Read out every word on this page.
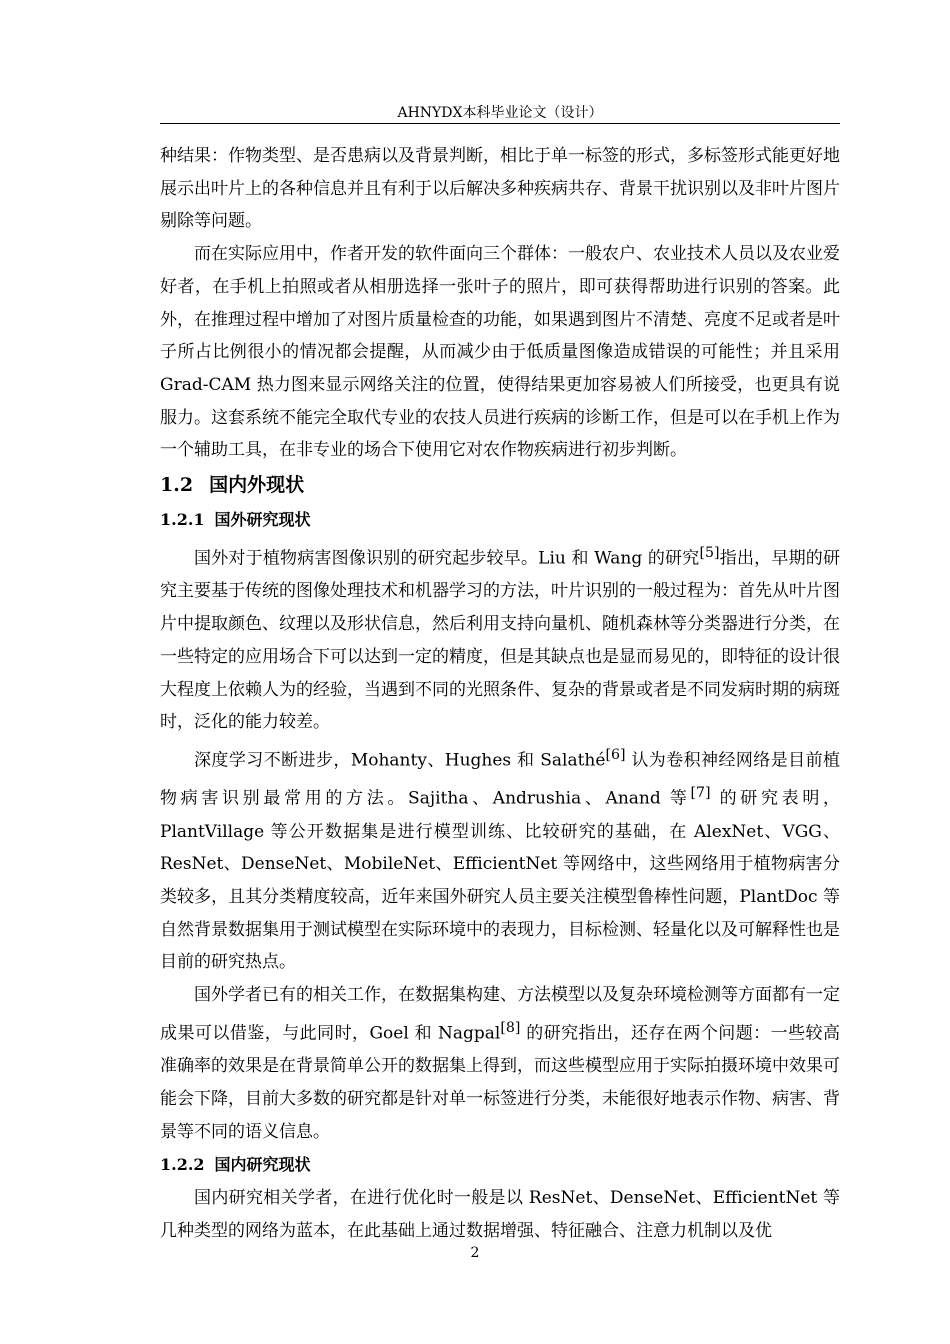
AHNYDX本科毕业论文（设计）

种结果：作物类型、是否患病以及背景判断，相比于单一标签的形式，多标签形式能更好地展示出叶片上的各种信息并且有利于以后解决多种疾病共存、背景干扰识别以及非叶片图片剔除等问题。

而在实际应用中，作者开发的软件面向三个群体：一般农户、农业技术人员以及农业爱好者，在手机上拍照或者从相册选择一张叶子的照片，即可获得帮助进行识别的答案。此外，在推理过程中增加了对图片质量检查的功能，如果遇到图片不清楚、亮度不足或者是叶子所占比例很小的情况都会提醒，从而减少由于低质量图像造成错误的可能性；并且采用 Grad-CAM 热力图来显示网络关注的位置，使得结果更加容易被人们所接受，也更具有说服力。这套系统不能完全取代专业的农技人员进行疾病的诊断工作，但是可以在手机上作为一个辅助工具，在非专业的场合下使用它对农作物疾病进行初步判断。

1.2 国内外现状
1.2.1 国外研究现状

国外对于植物病害图像识别的研究起步较早。Liu 和 Wang 的研究[5]指出，早期的研究主要基于传统的图像处理技术和机器学习的方法，叶片识别的一般过程为：首先从叶片图片中提取颜色、纹理以及形状信息，然后利用支持向量机、随机森林等分类器进行分类，在一些特定的应用场合下可以达到一定的精度，但是其缺点也是显而易见的，即特征的设计很大程度上依赖人为的经验，当遇到不同的光照条件、复杂的背景或者是不同发病时期的病斑时，泛化的能力较差。

深度学习不断进步，Mohanty、Hughes 和 Salathé[6] 认为卷积神经网络是目前植物病害识别最常用的方法。Sajitha、Andrushia、Anand 等[7] 的研究表明，PlantVillage 等公开数据集是进行模型训练、比较研究的基础，在 AlexNet、VGG、ResNet、DenseNet、MobileNet、EfficientNet 等网络中，这些网络用于植物病害分类较多，且其分类精度较高，近年来国外研究人员主要关注模型鲁棒性问题，PlantDoc 等自然背景数据集用于测试模型在实际环境中的表现力，目标检测、轻量化以及可解释性也是目前的研究热点。

国外学者已有的相关工作，在数据集构建、方法模型以及复杂环境检测等方面都有一定成果可以借鉴，与此同时，Goel 和 Nagpal[8] 的研究指出，还存在两个问题：一些较高准确率的效果是在背景简单公开的数据集上得到，而这些模型应用于实际拍摄环境中效果可能会下降，目前大多数的研究都是针对单一标签进行分类，未能很好地表示作物、病害、背景等不同的语义信息。

1.2.2 国内研究现状

国内研究相关学者，在进行优化时一般是以 ResNet、DenseNet、EfficientNet 等几种类型的网络为蓝本，在此基础上通过数据增强、特征融合、注意力机制以及优

2
